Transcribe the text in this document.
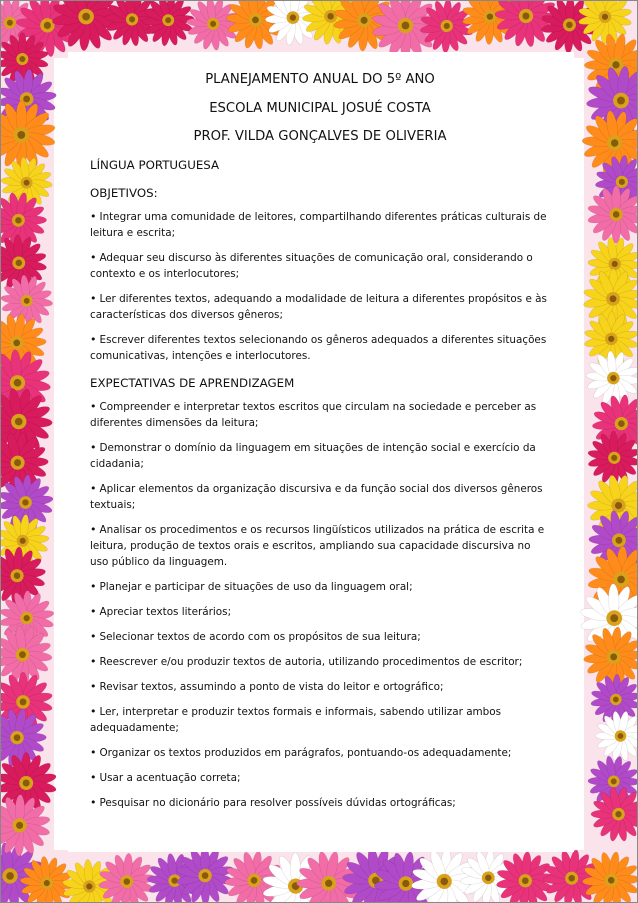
PLANEJAMENTO ANUAL DO 5º ANO

ESCOLA MUNICIPAL JOSUÉ COSTA

PROF. VILDA GONÇALVES DE OLIVERIA

LÍNGUA PORTUGUESA

OBJETIVOS:

• Integrar uma comunidade de leitores, compartilhando diferentes práticas culturais de leitura e escrita;
• Adequar seu discurso às diferentes situações de comunicação oral, considerando o contexto e os interlocutores;
• Ler diferentes textos, adequando a modalidade de leitura a diferentes propósitos e às características dos diversos gêneros;
• Escrever diferentes textos selecionando os gêneros adequados a diferentes situações comunicativas, intenções e interlocutores.

EXPECTATIVAS DE APRENDIZAGEM

• Compreender e interpretar textos escritos que circulam na sociedade e perceber as diferentes dimensões da leitura;
• Demonstrar o domínio da linguagem em situações de intenção social e exercício da cidadania;
• Aplicar elementos da organização discursiva e da função social dos diversos gêneros textuais;
• Analisar os procedimentos e os recursos lingüísticos utilizados na prática de escrita e leitura, produção de textos orais e escritos, ampliando sua capacidade discursiva no uso público da linguagem.
• Planejar e participar de situações de uso da linguagem oral;
• Apreciar textos literários;
• Selecionar textos de acordo com os propósitos de sua leitura;
• Reescrever e/ou produzir textos de autoria, utilizando procedimentos de escritor;
• Revisar textos, assumindo a ponto de vista do leitor e ortográfico;
• Ler, interpretar e produzir textos formais e informais, sabendo utilizar ambos adequadamente;
• Organizar os textos produzidos em parágrafos, pontuando-os adequadamente;
• Usar a acentuação correta;
• Pesquisar no dicionário para resolver possíveis dúvidas ortográficas;
